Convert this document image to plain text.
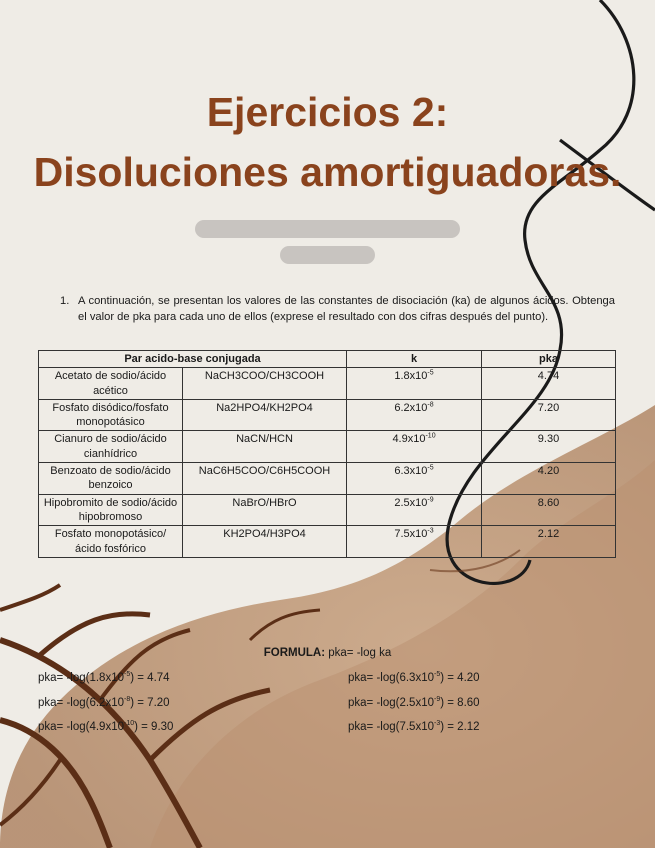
Ejercicios 2:
Disoluciones amortiguadoras.
1. A continuación, se presentan los valores de las constantes de disociación (ka) de algunos ácidos. Obtenga el valor de pka para cada uno de ellos (exprese el resultado con dos cifras después del punto).
Par acido-base conjugada		k	pka
Acetato de sodio/ácido acético	NaCH3COO/CH3COOH	$1.8x10^{-5}$	4.74
Fosfato disódico/fosfato monopotásico	Na2HPO4/KH2PO4	$6.2x10^{-8}$	7.20
Cianuro de sodio/ácido cianhídrico	NaCN/HCN	$4.9x10^{-10}$	9.30
Benzoato de sodio/ácido benzoico	NaC6H5COO/C6H5COOH	$6.3x10^{-5}$	4.20
Hipobromito de sodio/ácido hipobromoso	NaBrO/HBrO	$2.5x10^{-9}$	8.60
Fosfato monopotásico/ácido fosfórico	KH2PO4/H3PO4	$7.5x10^{-3}$	2.12
FORMULA: pka= -log ka
$pka= -\log(1.8x10^{-5}) = 4.74$
$pka= -\log(6.2x10^{-8}) = 7.20$
$pka= -\log(4.9x10^{-10}) = 9.30$
$pka= -\log(6.3x10^{-5}) = 4.20$
$pka= -\log(2.5x10^{-9}) = 8.60$
$pka= -\log(7.5x10^{-3}) = 2.12$
